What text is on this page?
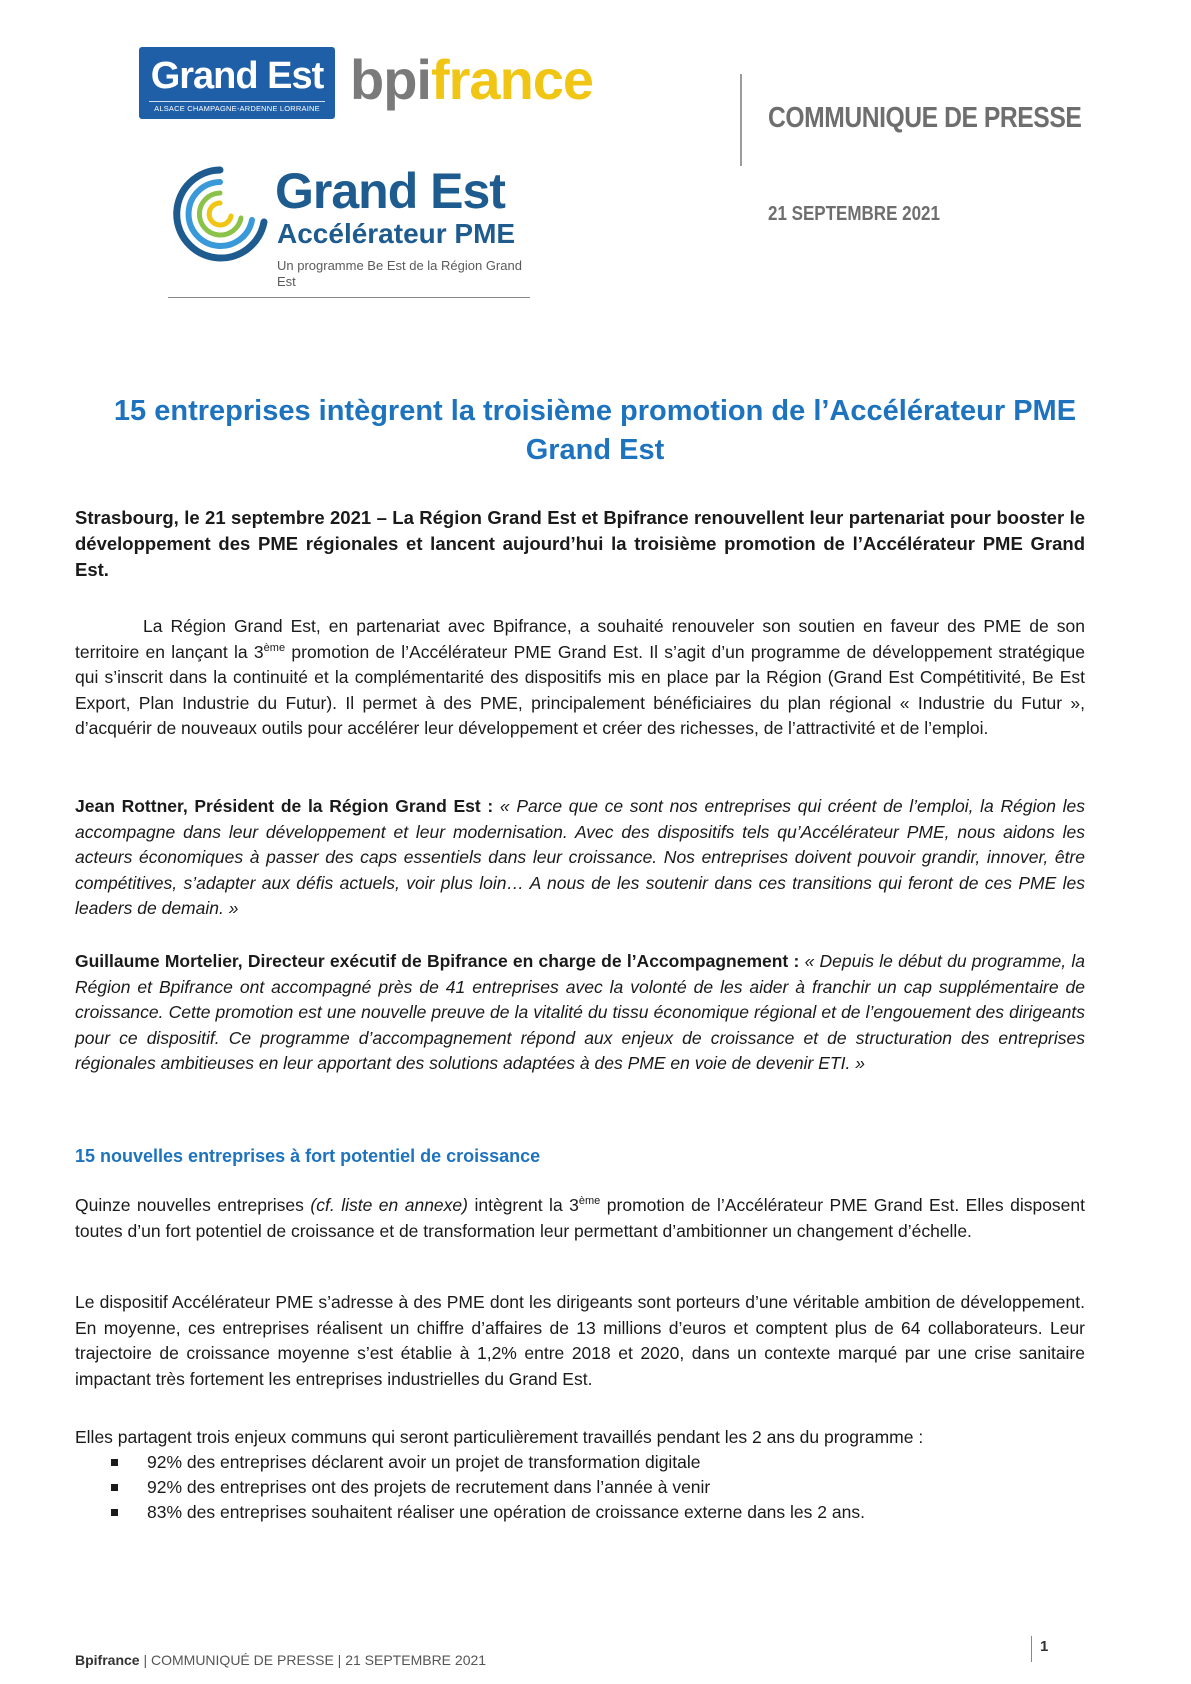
Grand Est
ALSACE CHAMPAGNE-ARDENNE LORRAINE bpifrance
Grand Est
Accélérateur PME
Un programme Be Est de la Région Grand Est
COMMUNIQUE DE PRESSE
21 SEPTEMBRE 2021
15 entreprises intègrent la troisième promotion de l’Accélérateur PME Grand Est

Strasbourg, le 21 septembre 2021 – La Région Grand Est et Bpifrance renouvellent leur partenariat pour booster le développement des PME régionales et lancent aujourd’hui la troisième promotion de l’Accélérateur PME Grand Est.

La Région Grand Est, en partenariat avec Bpifrance, a souhaité renouveler son soutien en faveur des PME de son territoire en lançant la 3ème promotion de l’Accélérateur PME Grand Est. Il s’agit d’un programme de développement stratégique qui s’inscrit dans la continuité et la complémentarité des dispositifs mis en place par la Région (Grand Est Compétitivité, Be Est Export, Plan Industrie du Futur). Il permet à des PME, principalement bénéficiaires du plan régional « Industrie du Futur », d’acquérir de nouveaux outils pour accélérer leur développement et créer des richesses, de l’attractivité et de l’emploi.

Jean Rottner, Président de la Région Grand Est : « Parce que ce sont nos entreprises qui créent de l’emploi, la Région les accompagne dans leur développement et leur modernisation. Avec des dispositifs tels qu’Accélérateur PME, nous aidons les acteurs économiques à passer des caps essentiels dans leur croissance. Nos entreprises doivent pouvoir grandir, innover, être compétitives, s’adapter aux défis actuels, voir plus loin… A nous de les soutenir dans ces transitions qui feront de ces PME les leaders de demain. »

Guillaume Mortelier, Directeur exécutif de Bpifrance en charge de l’Accompagnement : « Depuis le début du programme, la Région et Bpifrance ont accompagné près de 41 entreprises avec la volonté de les aider à franchir un cap supplémentaire de croissance. Cette promotion est une nouvelle preuve de la vitalité du tissu économique régional et de l’engouement des dirigeants pour ce dispositif. Ce programme d’accompagnement répond aux enjeux de croissance et de structuration des entreprises régionales ambitieuses en leur apportant des solutions adaptées à des PME en voie de devenir ETI. »

15 nouvelles entreprises à fort potentiel de croissance

Quinze nouvelles entreprises (cf. liste en annexe) intègrent la 3ème promotion de l’Accélérateur PME Grand Est. Elles disposent toutes d’un fort potentiel de croissance et de transformation leur permettant d’ambitionner un changement d’échelle.

Le dispositif Accélérateur PME s’adresse à des PME dont les dirigeants sont porteurs d’une véritable ambition de développement. En moyenne, ces entreprises réalisent un chiffre d’affaires de 13 millions d’euros et comptent plus de 64 collaborateurs. Leur trajectoire de croissance moyenne s’est établie à 1,2% entre 2018 et 2020, dans un contexte marqué par une crise sanitaire impactant très fortement les entreprises industrielles du Grand Est.

Elles partagent trois enjeux communs qui seront particulièrement travaillés pendant les 2 ans du programme :

92% des entreprises déclarent avoir un projet de transformation digitale
92% des entreprises ont des projets de recrutement dans l’année à venir
83% des entreprises souhaitent réaliser une opération de croissance externe dans les 2 ans.
Bpifrance | COMMUNIQUÉ DE PRESSE | 21 SEPTEMBRE 2021
1
